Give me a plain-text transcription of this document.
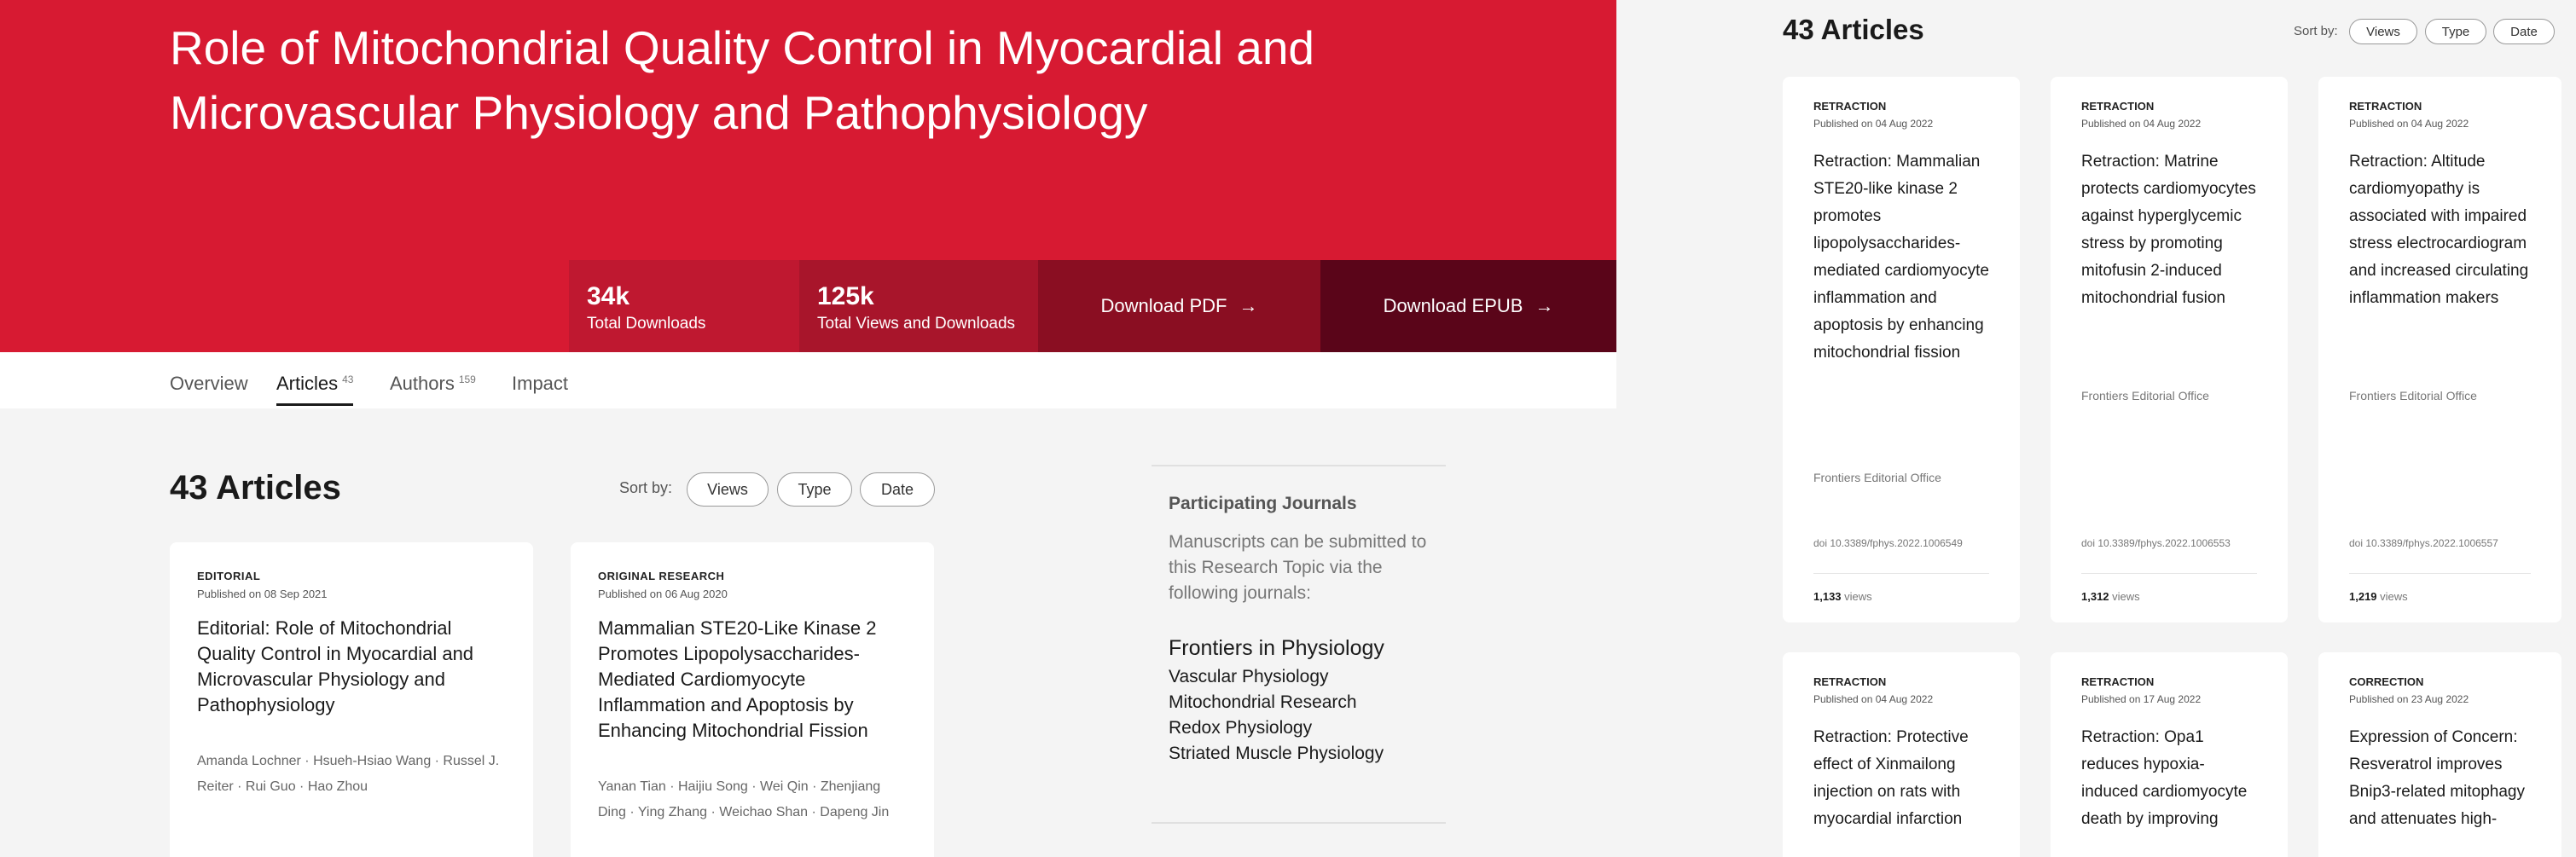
Role of Mitochondrial Quality Control in Myocardial and Microvascular Physiology and Pathophysiology
34k
Total Downloads
125k
Total Views and Downloads
Download PDF →	Download EPUB →
Overview Articles $^{43}$ Authors $^{159}$ Impact
43 Articles	Sort by:	Views	Type	Date
EDITORIAL
Published on 08 Sep 2021
Editorial: Role of Mitochondrial Quality Control in Myocardial and Microvascular Physiology and Pathophysiology
Amanda Lochner · Hsueh-Hsiao Wang · Russel J. Reiter · Rui Guo · Hao Zhou
ORIGINAL RESEARCH
Published on 06 Aug 2020
Mammalian STE20-Like Kinase 2 Promotes Lipopolysaccharides-Mediated Cardiomyocyte Inflammation and Apoptosis by Enhancing Mitochondrial Fission
Yanan Tian · Haijiu Song · Wei Qin · Zhenjiang Ding · Ying Zhang · Weichao Shan · Dapeng Jin
Participating Journals
Manuscripts can be submitted to this Research Topic via the following journals:
Frontiers in Physiology
Vascular Physiology
Mitochondrial Research
Redox Physiology
Striated Muscle Physiology
43 Articles	Sort by:	Views	Type	Date
RETRACTION
Published on 04 Aug 2022
Retraction: Mammalian STE20-like kinase 2 promotes lipopolysaccharides-mediated cardiomyocyte inflammation and apoptosis by enhancing mitochondrial fission
Frontiers Editorial Office
doi 10.3389/fphys.2022.1006549
1,133 views
RETRACTION
Published on 04 Aug 2022
Retraction: Matrine protects cardiomyocytes against hyperglycemic stress by promoting mitofusin 2-induced mitochondrial fusion
Frontiers Editorial Office
doi 10.3389/fphys.2022.1006553
1,312 views
RETRACTION
Published on 04 Aug 2022
Retraction: Altitude cardiomyopathy is associated with impaired stress electrocardiogram and increased circulating inflammation makers
Frontiers Editorial Office
doi 10.3389/fphys.2022.1006557
1,219 views
RETRACTION
Published on 04 Aug 2022
Retraction: Protective effect of Xinmailong injection on rats with myocardial infarction
RETRACTION
Published on 17 Aug 2022
Retraction: Opa1 reduces hypoxia-induced cardiomyocyte death by improving
CORRECTION
Published on 23 Aug 2022
Expression of Concern: Resveratrol improves Bnip3-related mitophagy and attenuates high-
